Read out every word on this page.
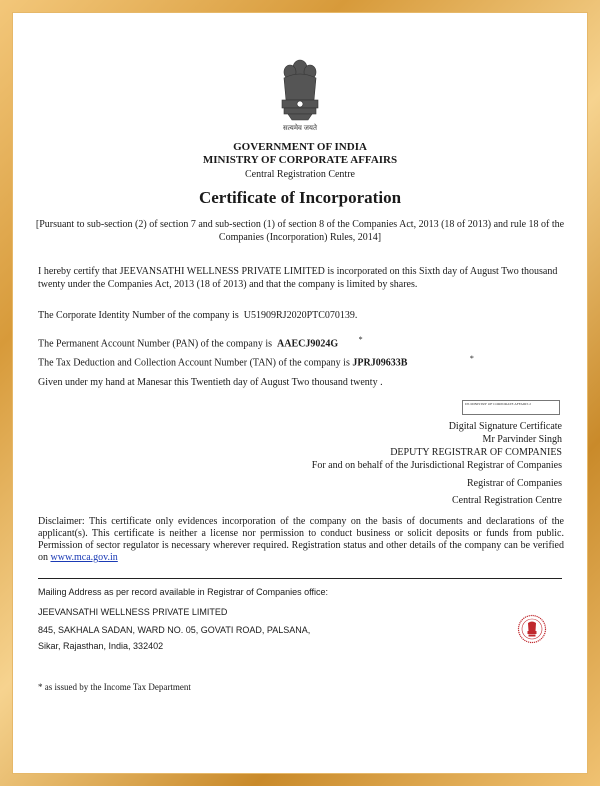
सत्यमेव जयते
GOVERNMENT OF INDIA
MINISTRY OF CORPORATE AFFAIRS
Central Registration Centre
Certificate of Incorporation
[Pursuant to sub-section (2) of section 7 and sub-section (1) of section 8 of the Companies Act, 2013 (18 of 2013) and rule 18 of the Companies (Incorporation) Rules, 2014]
I hereby certify that JEEVANSATHI WELLNESS PRIVATE LIMITED is incorporated on this Sixth day of August Two thousand twenty under the Companies Act, 2013 (18 of 2013) and that the company is limited by shares.
The Corporate Identity Number of the company is U51909RJ2020PTC070139.
The Permanent Account Number (PAN) of the company is AAECJ9024G	*
The Tax Deduction and Collection Account Number (TAN) of the company is JPRJ09633B	*
Given under my hand at Manesar this Twentieth day of August Two thousand twenty .
DS MINISTRY OF CORPORATE AFFAIRS 2
Digital Signature Certificate
Mr Parvinder Singh
DEPUTY REGISTRAR OF COMPANIES
For and on behalf of the Jurisdictional Registrar of Companies
Registrar of Companies
Central Registration Centre
Disclaimer: This certificate only evidences incorporation of the company on the basis of documents and declarations of the applicant(s). This certificate is neither a license nor permission to conduct business or solicit deposits or funds from public. Permission of sector regulator is necessary wherever required. Registration status and other details of the company can be verified on www.mca.gov.in
Mailing Address as per record available in Registrar of Companies office:
JEEVANSATHI WELLNESS PRIVATE LIMITED
845, SAKHALA SADAN, WARD NO. 05, GOVATI ROAD, PALSANA,
Sikar, Rajasthan, India, 332402
* as issued by the Income Tax Department
